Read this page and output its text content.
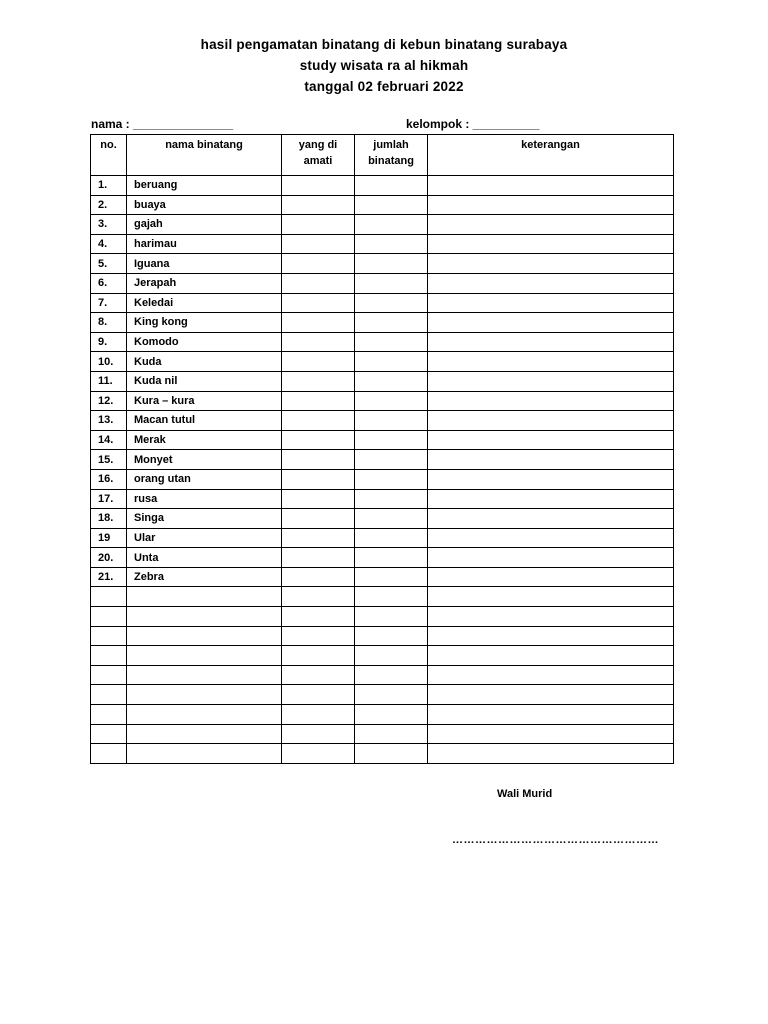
hasil pengamatan binatang di kebun binatang surabaya
study wisata ra al hikmah
tanggal 02 februari 2022
nama : _______________	kelompok : __________
no.	nama binatang	yang di amati	jumlah binatang	keterangan
1.	beruang			
2.	buaya			
3.	gajah			
4.	harimau			
5.	Iguana			
6.	Jerapah			
7.	Keledai			
8.	King kong			
9.	Komodo			
10.	Kuda			
11.	Kuda nil			
12.	Kura – kura			
13.	Macan tutul			
14.	Merak			
15.	Monyet			
16.	orang utan			
17.	rusa			
18.	Singa			
19	Ular			
20.	Unta			
21.	Zebra			

Wali Murid
………………………………………………
